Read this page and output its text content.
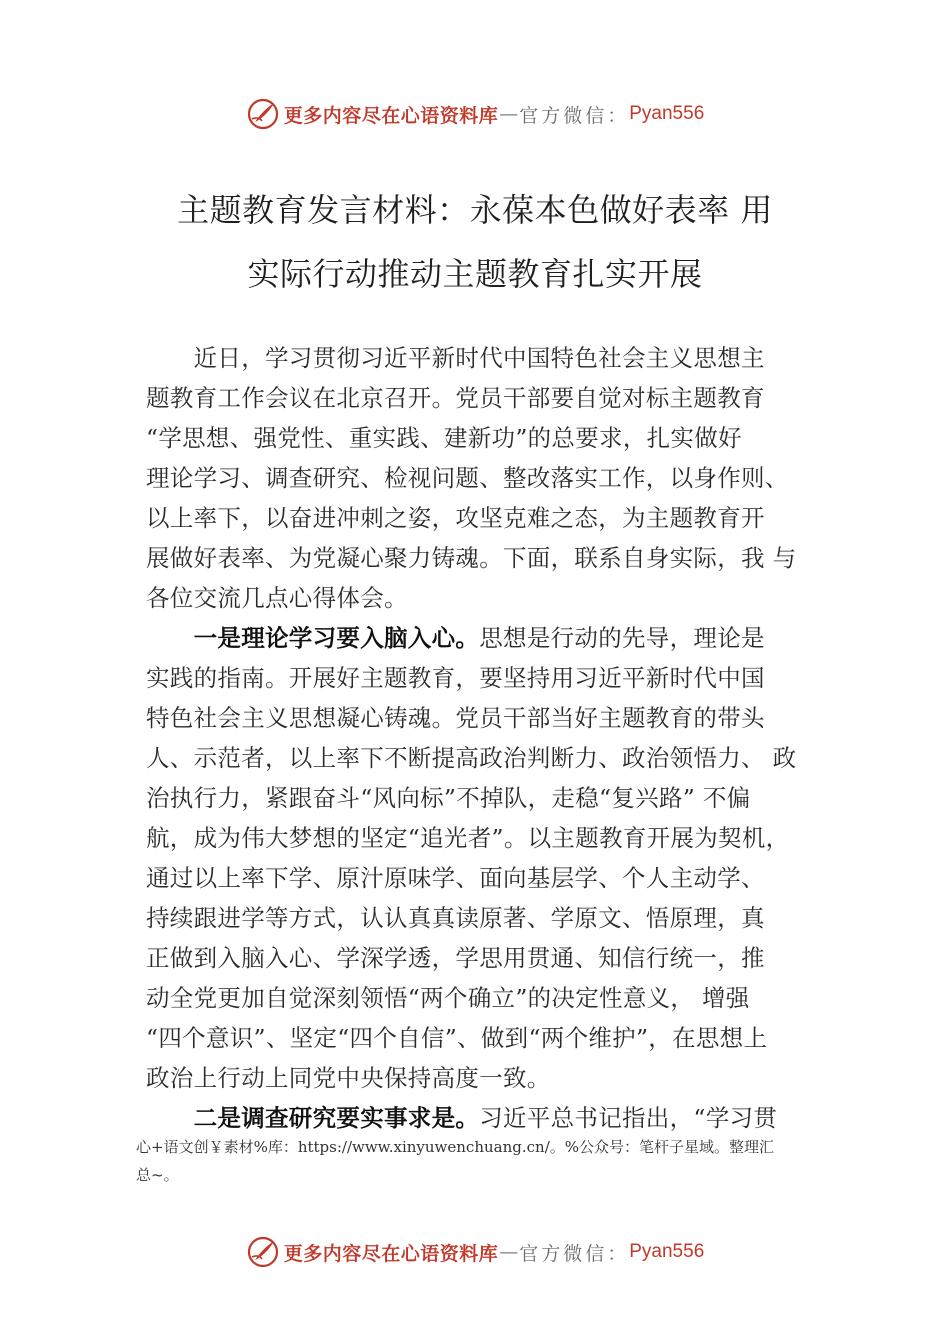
更多内容尽在心语资料库 — 官方微信： Pyan556
主题教育发言材料：永葆本色做好表率 用
实际行动推动主题教育扎实开展
　　近日，学习贯彻习近平新时代中国特色社会主义思想主
题教育工作会议在北京召开。党员干部要自觉对标主题教育
“学思想、强党性、重实践、建新功”的总要求，扎实做好
理论学习、调查研究、检视问题、整改落实工作，以身作则、
以上率下，以奋进冲刺之姿，攻坚克难之态，为主题教育开
展做好表率、为党凝心聚力铸魂。下面，联系自身实际，我 与
各位交流几点心得体会。
　　一是理论学习要入脑入心。思想是行动的先导，理论是
实践的指南。开展好主题教育，要坚持用习近平新时代中国
特色社会主义思想凝心铸魂。党员干部当好主题教育的带头
人、示范者，以上率下不断提高政治判断力、政治领悟力、 政
治执行力，紧跟奋斗“风向标”不掉队，走稳“复兴路” 不偏
航，成为伟大梦想的坚定“追光者”。以主题教育开展为契机，
通过以上率下学、原汁原味学、面向基层学、个人主动学、
持续跟进学等方式，认认真真读原著、学原文、悟原理，真
正做到入脑入心、学深学透，学思用贯通、知信行统一，推
动全党更加自觉深刻领悟“两个确立”的决定性意义， 增强
“四个意识”、坚定“四个自信”、做到“两个维护”，在思想上
政治上行动上同党中央保持高度一致。
　　二是调查研究要实事求是。习近平总书记指出，“学习贯
心+语文创￥素材%库：https://www.xinyuwenchuang.cn/。%公众号：笔杆子星域。整理汇
总~。
更多内容尽在心语资料库 — 官方微信： Pyan556
